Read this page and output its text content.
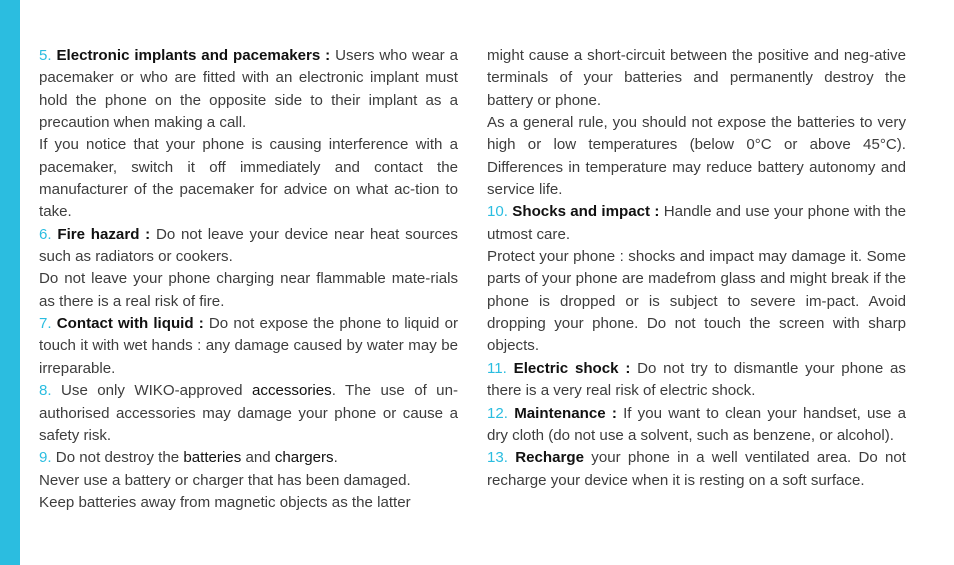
5. Electronic implants and pacemakers : Users who wear a pacemaker or who are fitted with an electronic implant must hold the phone on the opposite side to their implant as a precaution when making a call.

If you notice that your phone is causing interference with a pacemaker, switch it off immediately and contact the manufacturer of the pacemaker for advice on what ac-tion to take.

6. Fire hazard : Do not leave your device near heat sources such as radiators or cookers.

Do not leave your phone charging near flammable mate-rials as there is a real risk of fire.

7. Contact with liquid : Do not expose the phone to liquid or touch it with wet hands : any damage caused by water may be irreparable.

8. Use only WIKO-approved accessories. The use of un-authorised accessories may damage your phone or cause a safety risk.

9. Do not destroy the batteries and chargers.

Never use a battery or charger that has been damaged.

Keep batteries away from magnetic objects as the latter

might cause a short-circuit between the positive and neg-ative terminals of your batteries and permanently destroy the battery or phone.

As a general rule, you should not expose the batteries to very high or low temperatures (below 0°C or above 45°C). Differences in temperature may reduce battery autonomy and service life.

10. Shocks and impact : Handle and use your phone with the utmost care.

Protect your phone : shocks and impact may damage it. Some parts of your phone are madefrom glass and might break if the phone is dropped or is subject to severe im-pact. Avoid dropping your phone. Do not touch the screen with sharp objects.

11. Electric shock : Do not try to dismantle your phone as there is a very real risk of electric shock.

12. Maintenance : If you want to clean your handset, use a dry cloth (do not use a solvent, such as benzene, or alcohol).

13. Recharge your phone in a well ventilated area. Do not recharge your device when it is resting on a soft surface.
